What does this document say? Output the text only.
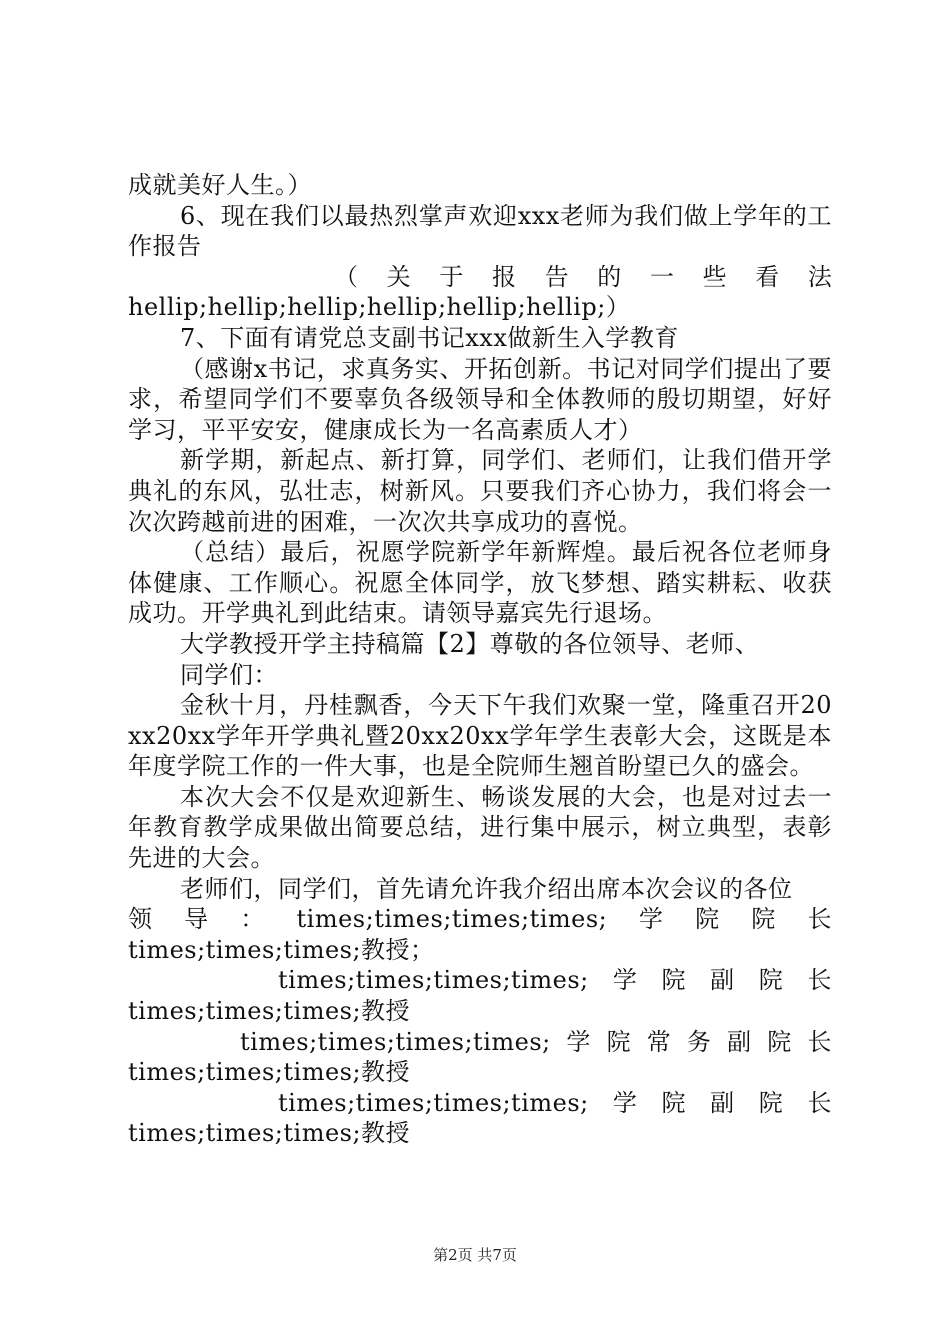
成就美好人生。）

6、现在我们以最热烈掌声欢迎xxx老师为我们做上学年的工作报告

（ 关 于 报 告 的 一 些 看 法

hellip;hellip;hellip;hellip;hellip;hellip;）

7、下面有请党总支副书记xxx做新生入学教育

（感谢x书记，求真务实、开拓创新。书记对同学们提出了要求，希望同学们不要辜负各级领导和全体教师的殷切期望，好好学习，平平安安，健康成长为一名高素质人才）

新学期，新起点、新打算，同学们、老师们，让我们借开学典礼的东风，弘壮志，树新风。只要我们齐心协力，我们将会一次次跨越前进的困难，一次次共享成功的喜悦。

（总结）最后，祝愿学院新学年新辉煌。最后祝各位老师身体健康、工作顺心。祝愿全体同学，放飞梦想、踏实耕耘、收获成功。开学典礼到此结束。请领导嘉宾先行退场。

大学教授开学主持稿篇【2】尊敬的各位领导、老师、

同学们：

金秋十月，丹桂飘香，今天下午我们欢聚一堂，隆重召开20xx20xx学年开学典礼暨20xx20xx学年学生表彰大会，这既是本年度学院工作的一件大事，也是全院师生翘首盼望已久的盛会。

本次大会不仅是欢迎新生、畅谈发展的大会，也是对过去一年教育教学成果做出简要总结，进行集中展示，树立典型，表彰先进的大会。

老师们，同学们，首先请允许我介绍出席本次会议的各位

领 导 ： times;times;times;times; 学 院 院 长

times;times;times;教授；

times;times;times;times; 学 院 副 院 长

times;times;times;教授

times;times;times;times; 学 院 常 务 副 院 长

times;times;times;教授

times;times;times;times; 学 院 副 院 长

times;times;times;教授

第2页 共7页
